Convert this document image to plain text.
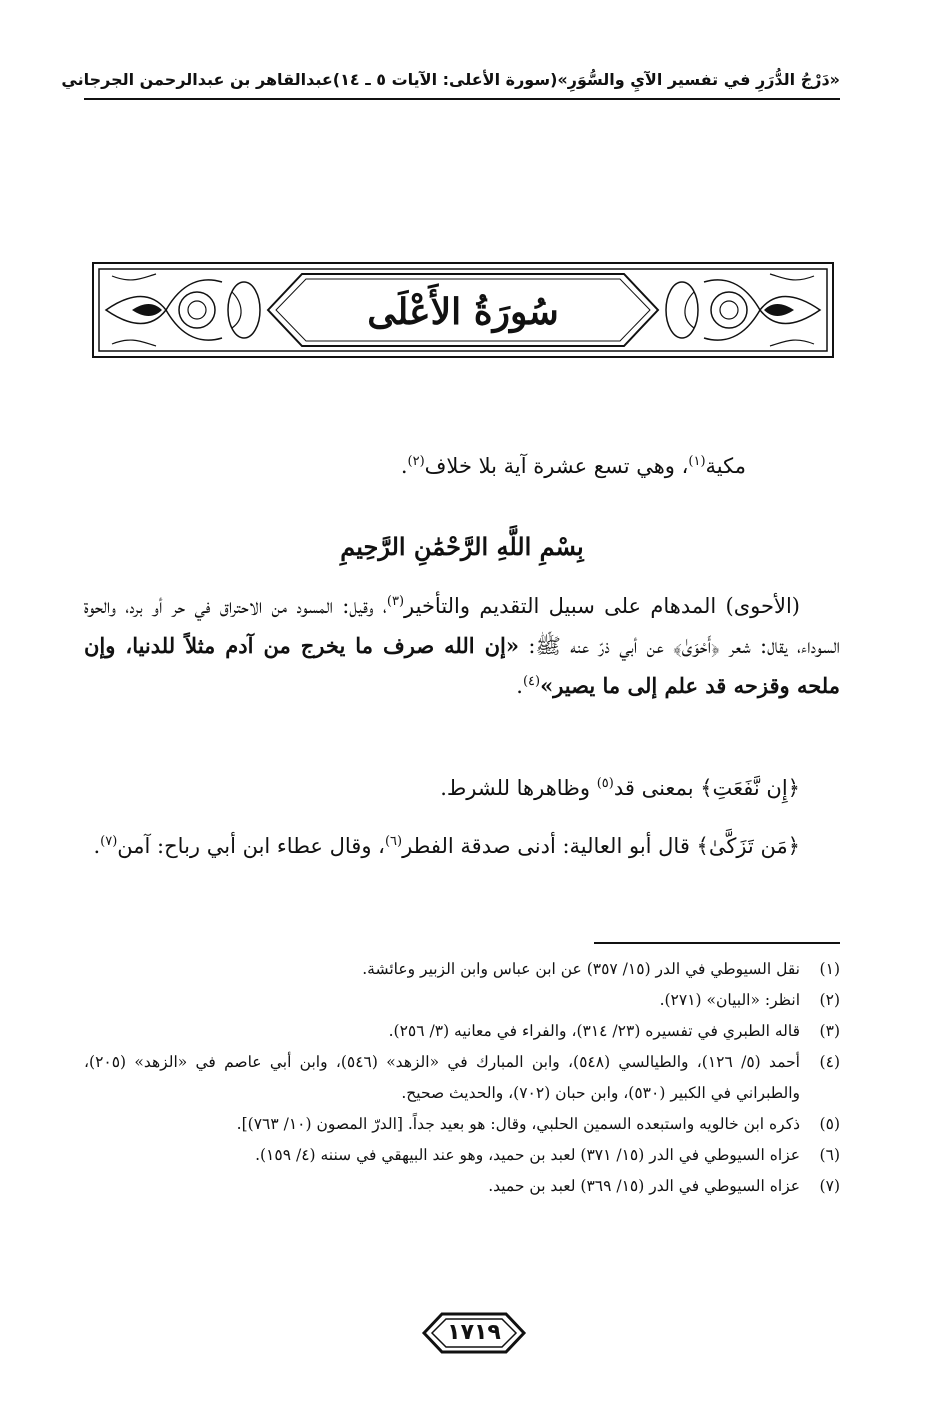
«دَرْجُ الدُّرَرِ في تفسير الآيِ والسُّوَرِ»
(سورة الأعلى: الآيات ٥ ـ ١٤)
عبدالقاهر بن عبدالرحمن الجرجاني
سُورَةُ الأَعْلَى
مكية$^{(١)}$، وهي تسع عشرة آية بلا خلاف$^{(٢)}$.
بِسْمِ اللَّهِ الرَّحْمَٰنِ الرَّحِيمِ
(الأحوى) المدهام على سبيل التقديم والتأخير$^{(٣)}$، وقيل: المسود من الاحتراق في حر أو برد، والحوة السوداء، يقال: شعر ﴿أَحْوَىٰ﴾ عن أبي ذرّ عنه ﷺ: «إن الله صرف ما يخرج من آدم مثلاً للدنيا، وإن ملحه وقزحه قد علم إلى ما يصير»$^{(٤)}$.
﴿إِن نَّفَعَتِ﴾ بمعنى قد$^{(٥)}$ وظاهرها للشرط.
﴿مَن تَزَكَّىٰ﴾ قال أبو العالية: أدنى صدقة الفطر$^{(٦)}$، وقال عطاء ابن أبي رباح: آمن$^{(٧)}$.
(١)
نقل السيوطي في الدر (١٥/ ٣٥٧) عن ابن عباس وابن الزبير وعائشة.
(٢)
انظر: «البيان» (٢٧١).
(٣)
قاله الطبري في تفسيره (٢٣/ ٣١٤)، والفراء في معانيه (٣/ ٢٥٦).
(٤)
أحمد (٥/ ١٢٦)، والطيالسي (٥٤٨)، وابن المبارك في «الزهد» (٥٤٦)، وابن أبي عاصم في «الزهد» (٢٠٥)، والطبراني في الكبير (٥٣٠)، وابن حبان (٧٠٢)، والحديث صحيح.
(٥)
ذكره ابن خالويه واستبعده السمين الحلبي، وقال: هو بعيد جداً. [الدرّ المصون (١٠/ ٧٦٣)].
(٦)
عزاه السيوطي في الدر (١٥/ ٣٧١) لعبد بن حميد، وهو عند البيهقي في سننه (٤/ ١٥٩).
(٧)
عزاه السيوطي في الدر (١٥/ ٣٦٩) لعبد بن حميد.
١٧١٩
